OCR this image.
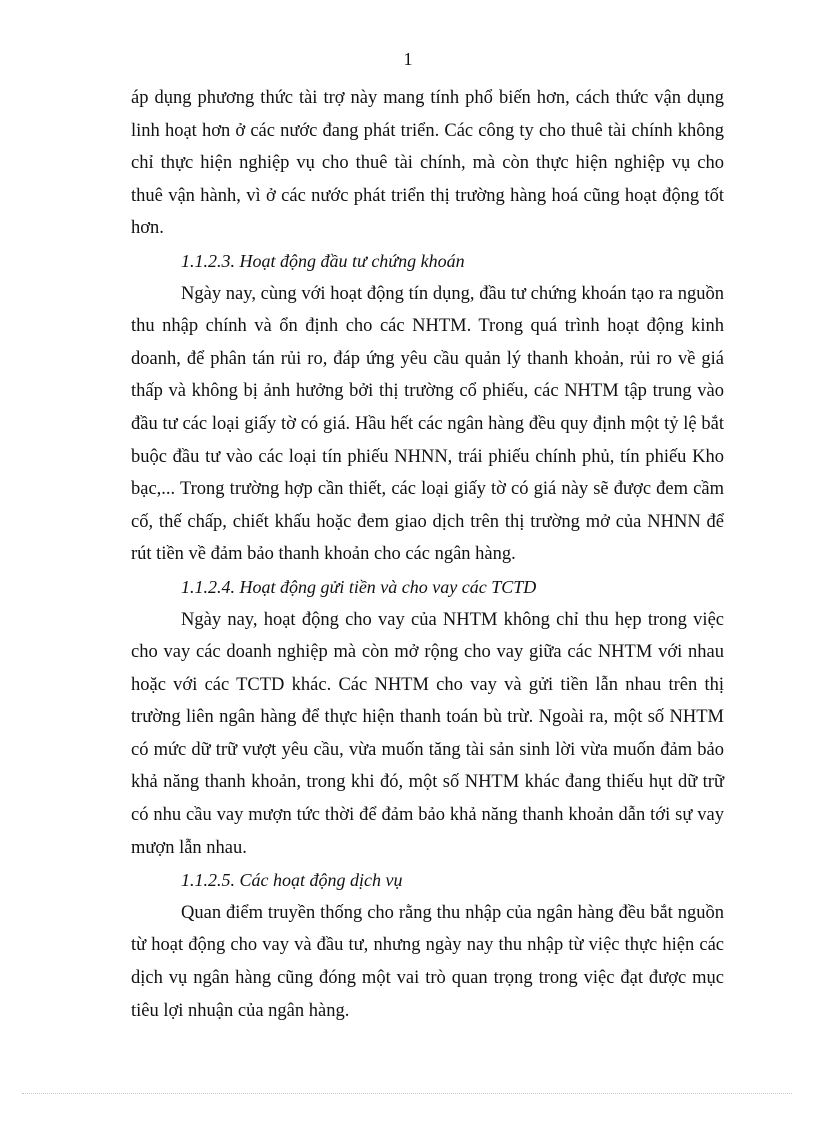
1

áp dụng phương thức tài trợ này mang tính phổ biến hơn, cách thức vận dụng linh hoạt hơn ở các nước đang phát triển. Các công ty cho thuê tài chính không chỉ thực hiện nghiệp vụ cho thuê tài chính, mà còn thực hiện nghiệp vụ cho thuê vận hành, vì ở các nước phát triển thị trường hàng hoá cũng hoạt động tốt hơn.

1.1.2.3. Hoạt động đầu tư chứng khoán

Ngày nay, cùng với hoạt động tín dụng, đầu tư chứng khoán tạo ra nguồn thu nhập chính và ổn định cho các NHTM. Trong quá trình hoạt động kinh doanh, để phân tán rủi ro, đáp ứng yêu cầu quản lý thanh khoản, rủi ro về giá thấp và không bị ảnh hưởng bởi thị trường cổ phiếu, các NHTM tập trung vào đầu tư các loại giấy tờ có giá. Hầu hết các ngân hàng đều quy định một tỷ lệ bắt buộc đầu tư vào các loại tín phiếu NHNN, trái phiếu chính phủ, tín phiếu Kho bạc,... Trong trường hợp cần thiết, các loại giấy tờ có giá này sẽ được đem cầm cố, thế chấp, chiết khấu hoặc đem giao dịch trên thị trường mở của NHNN để rút tiền về đảm bảo thanh khoản cho các ngân hàng.

1.1.2.4. Hoạt động gửi tiền và cho vay các TCTD

Ngày nay, hoạt động cho vay của NHTM không chỉ thu hẹp trong việc cho vay các doanh nghiệp mà còn mở rộng cho vay giữa các NHTM với nhau hoặc với các TCTD khác. Các NHTM cho vay và gửi tiền lẫn nhau trên thị trường liên ngân hàng để thực hiện thanh toán bù trừ. Ngoài ra, một số NHTM có mức dữ trữ vượt yêu cầu, vừa muốn tăng tài sản sinh lời vừa muốn đảm bảo khả năng thanh khoản, trong khi đó, một số NHTM khác đang thiếu hụt dữ trữ có nhu cầu vay mượn tức thời để đảm bảo khả năng thanh khoản dẫn tới sự vay mượn lẫn nhau.

1.1.2.5. Các hoạt động dịch vụ

Quan điểm truyền thống cho rằng thu nhập của ngân hàng đều bắt nguồn từ hoạt động cho vay và đầu tư, nhưng ngày nay thu nhập từ việc thực hiện các dịch vụ ngân hàng cũng đóng một vai trò quan trọng trong việc đạt được mục tiêu lợi nhuận của ngân hàng.
